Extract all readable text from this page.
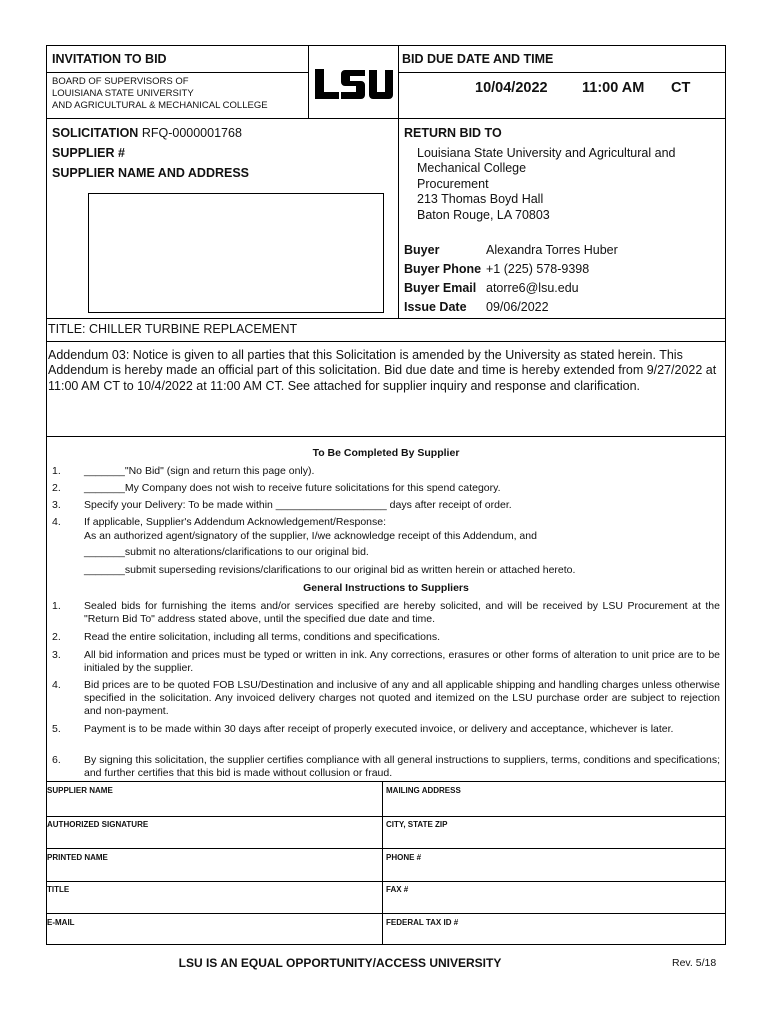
INVITATION TO BID
BOARD OF SUPERVISORS OF
LOUISIANA STATE UNIVERSITY
AND AGRICULTURAL & MECHANICAL COLLEGE
BID DUE DATE AND TIME
10/04/2022 11:00 AM CT
SOLICITATION RFQ-0000001768
SUPPLIER #
SUPPLIER NAME AND ADDRESS
RETURN BID TO
Louisiana State University and Agricultural and
Mechanical College
Procurement
213 Thomas Boyd Hall
Baton Rouge, LA 70803
Buyer	Alexandra Torres Huber
Buyer Phone +1 (225) 578-9398
Buyer Email atorre6@lsu.edu
Issue Date 09/06/2022
TITLE: CHILLER TURBINE REPLACEMENT
Addendum 03: Notice is given to all parties that this Solicitation is amended by the University as stated herein. This Addendum is hereby made an official part of this solicitation. Bid due date and time is hereby extended from 9/27/2022 at 11:00 AM CT to 10/4/2022 at 11:00 AM CT. See attached for supplier inquiry and response and clarification.
To Be Completed By Supplier
1. _______"No Bid" (sign and return this page only).
2. _______My Company does not wish to receive future solicitations for this spend category.
3. Specify your Delivery: To be made within ___________________ days after receipt of order.
4. If applicable, Supplier's Addendum Acknowledgement/Response:
As an authorized agent/signatory of the supplier, I/we acknowledge receipt of this Addendum, and
_______submit no alterations/clarifications to our original bid.
_______submit superseding revisions/clarifications to our original bid as written herein or attached hereto.
General Instructions to Suppliers
1. Sealed bids for furnishing the items and/or services specified are hereby solicited, and will be received by LSU Procurement at the "Return Bid To" address stated above, until the specified due date and time.
2. Read the entire solicitation, including all terms, conditions and specifications.
3. All bid information and prices must be typed or written in ink. Any corrections, erasures or other forms of alteration to unit price are to be initialed by the supplier.
4. Bid prices are to be quoted FOB LSU/Destination and inclusive of any and all applicable shipping and handling charges unless otherwise specified in the solicitation. Any invoiced delivery charges not quoted and itemized on the LSU purchase order are subject to rejection and non-payment.
5. Payment is to be made within 30 days after receipt of properly executed invoice, or delivery and acceptance, whichever is later.
6. By signing this solicitation, the supplier certifies compliance with all general instructions to suppliers, terms, conditions and specifications; and further certifies that this bid is made without collusion or fraud.
SUPPLIER NAME
AUTHORIZED SIGNATURE
PRINTED NAME
TITLE
E-MAIL
MAILING ADDRESS
CITY, STATE ZIP
PHONE #
FAX #
FEDERAL TAX ID #
LSU IS AN EQUAL OPPORTUNITY/ACCESS UNIVERSITY	Rev. 5/18
